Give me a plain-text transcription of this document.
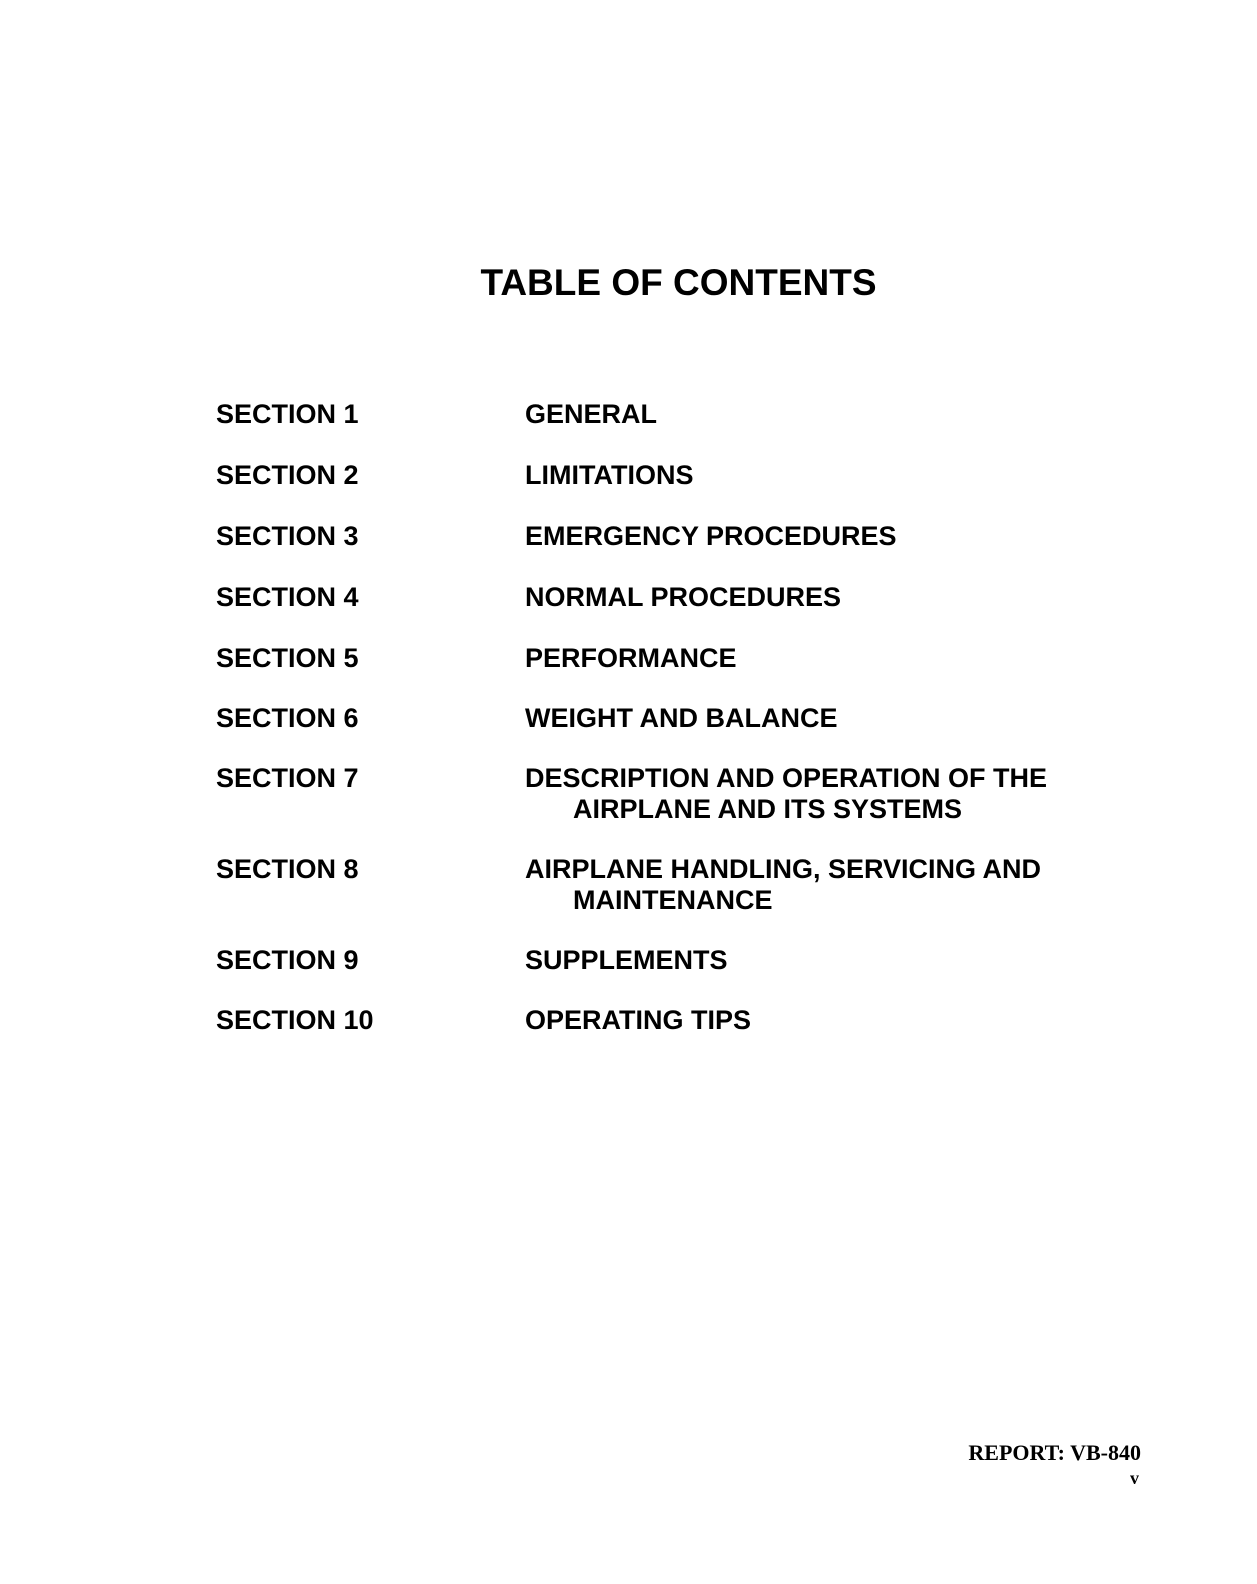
TABLE OF CONTENTS
SECTION 1	GENERAL
SECTION 2	LIMITATIONS
SECTION 3	EMERGENCY PROCEDURES
SECTION 4	NORMAL PROCEDURES
SECTION 5	PERFORMANCE
SECTION 6	WEIGHT AND BALANCE
SECTION 7	DESCRIPTION AND OPERATION OF THE
AIRPLANE AND ITS SYSTEMS
SECTION 8	AIRPLANE HANDLING, SERVICING AND
MAINTENANCE
SECTION 9	SUPPLEMENTS
SECTION 10	OPERATING TIPS
REPORT: VB-840
v
